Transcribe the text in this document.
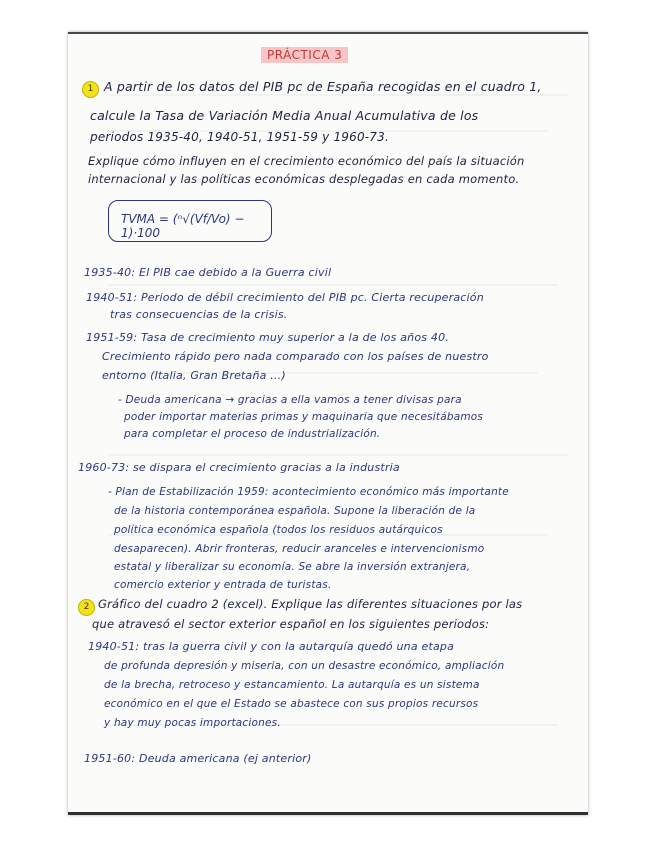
PRÁCTICA 3
1 A partir de los datos del PIB pc de España recogidas en el cuadro 1,
calcule la Tasa de Variación Media Anual Acumulativa de los
periodos 1935-40, 1940-51, 1951-59 y 1960-73.
Explique cómo influyen en el crecimiento económico del país la situación
internacional y las políticas económicas desplegadas en cada momento.
TVMA = (ⁿ√(Vf/Vo) − 1)·100
1935-40: El PIB cae debido a la Guerra civil
1940-51: Periodo de débil crecimiento del PIB pc. Cierta recuperación
tras consecuencias de la crisis.
1951-59: Tasa de crecimiento muy superior a la de los años 40.
Crecimiento rápido pero nada comparado con los países de nuestro
entorno (Italia, Gran Bretaña ...)
- Deuda americana → gracias a ella vamos a tener divisas para
poder importar materias primas y maquinaria que necesitábamos
para completar el proceso de industrialización.
1960-73: se dispara el crecimiento gracias a la industria
- Plan de Estabilización 1959: acontecimiento económico más importante
de la historia contemporánea española. Supone la liberación de la
política económica española (todos los residuos autárquicos
desaparecen). Abrir fronteras, reducir aranceles e intervencionismo
estatal y liberalizar su economía. Se abre la inversión extranjera,
comercio exterior y entrada de turistas.
2 Gráfico del cuadro 2 (excel). Explique las diferentes situaciones por las
que atravesó el sector exterior español en los siguientes periodos:
1940-51: tras la guerra civil y con la autarquía quedó una etapa
de profunda depresión y miseria, con un desastre económico, ampliación
de la brecha, retroceso y estancamiento. La autarquía es un sistema
económico en el que el Estado se abastece con sus propios recursos
y hay muy pocas importaciones.
1951-60: Deuda americana (ej anterior)
